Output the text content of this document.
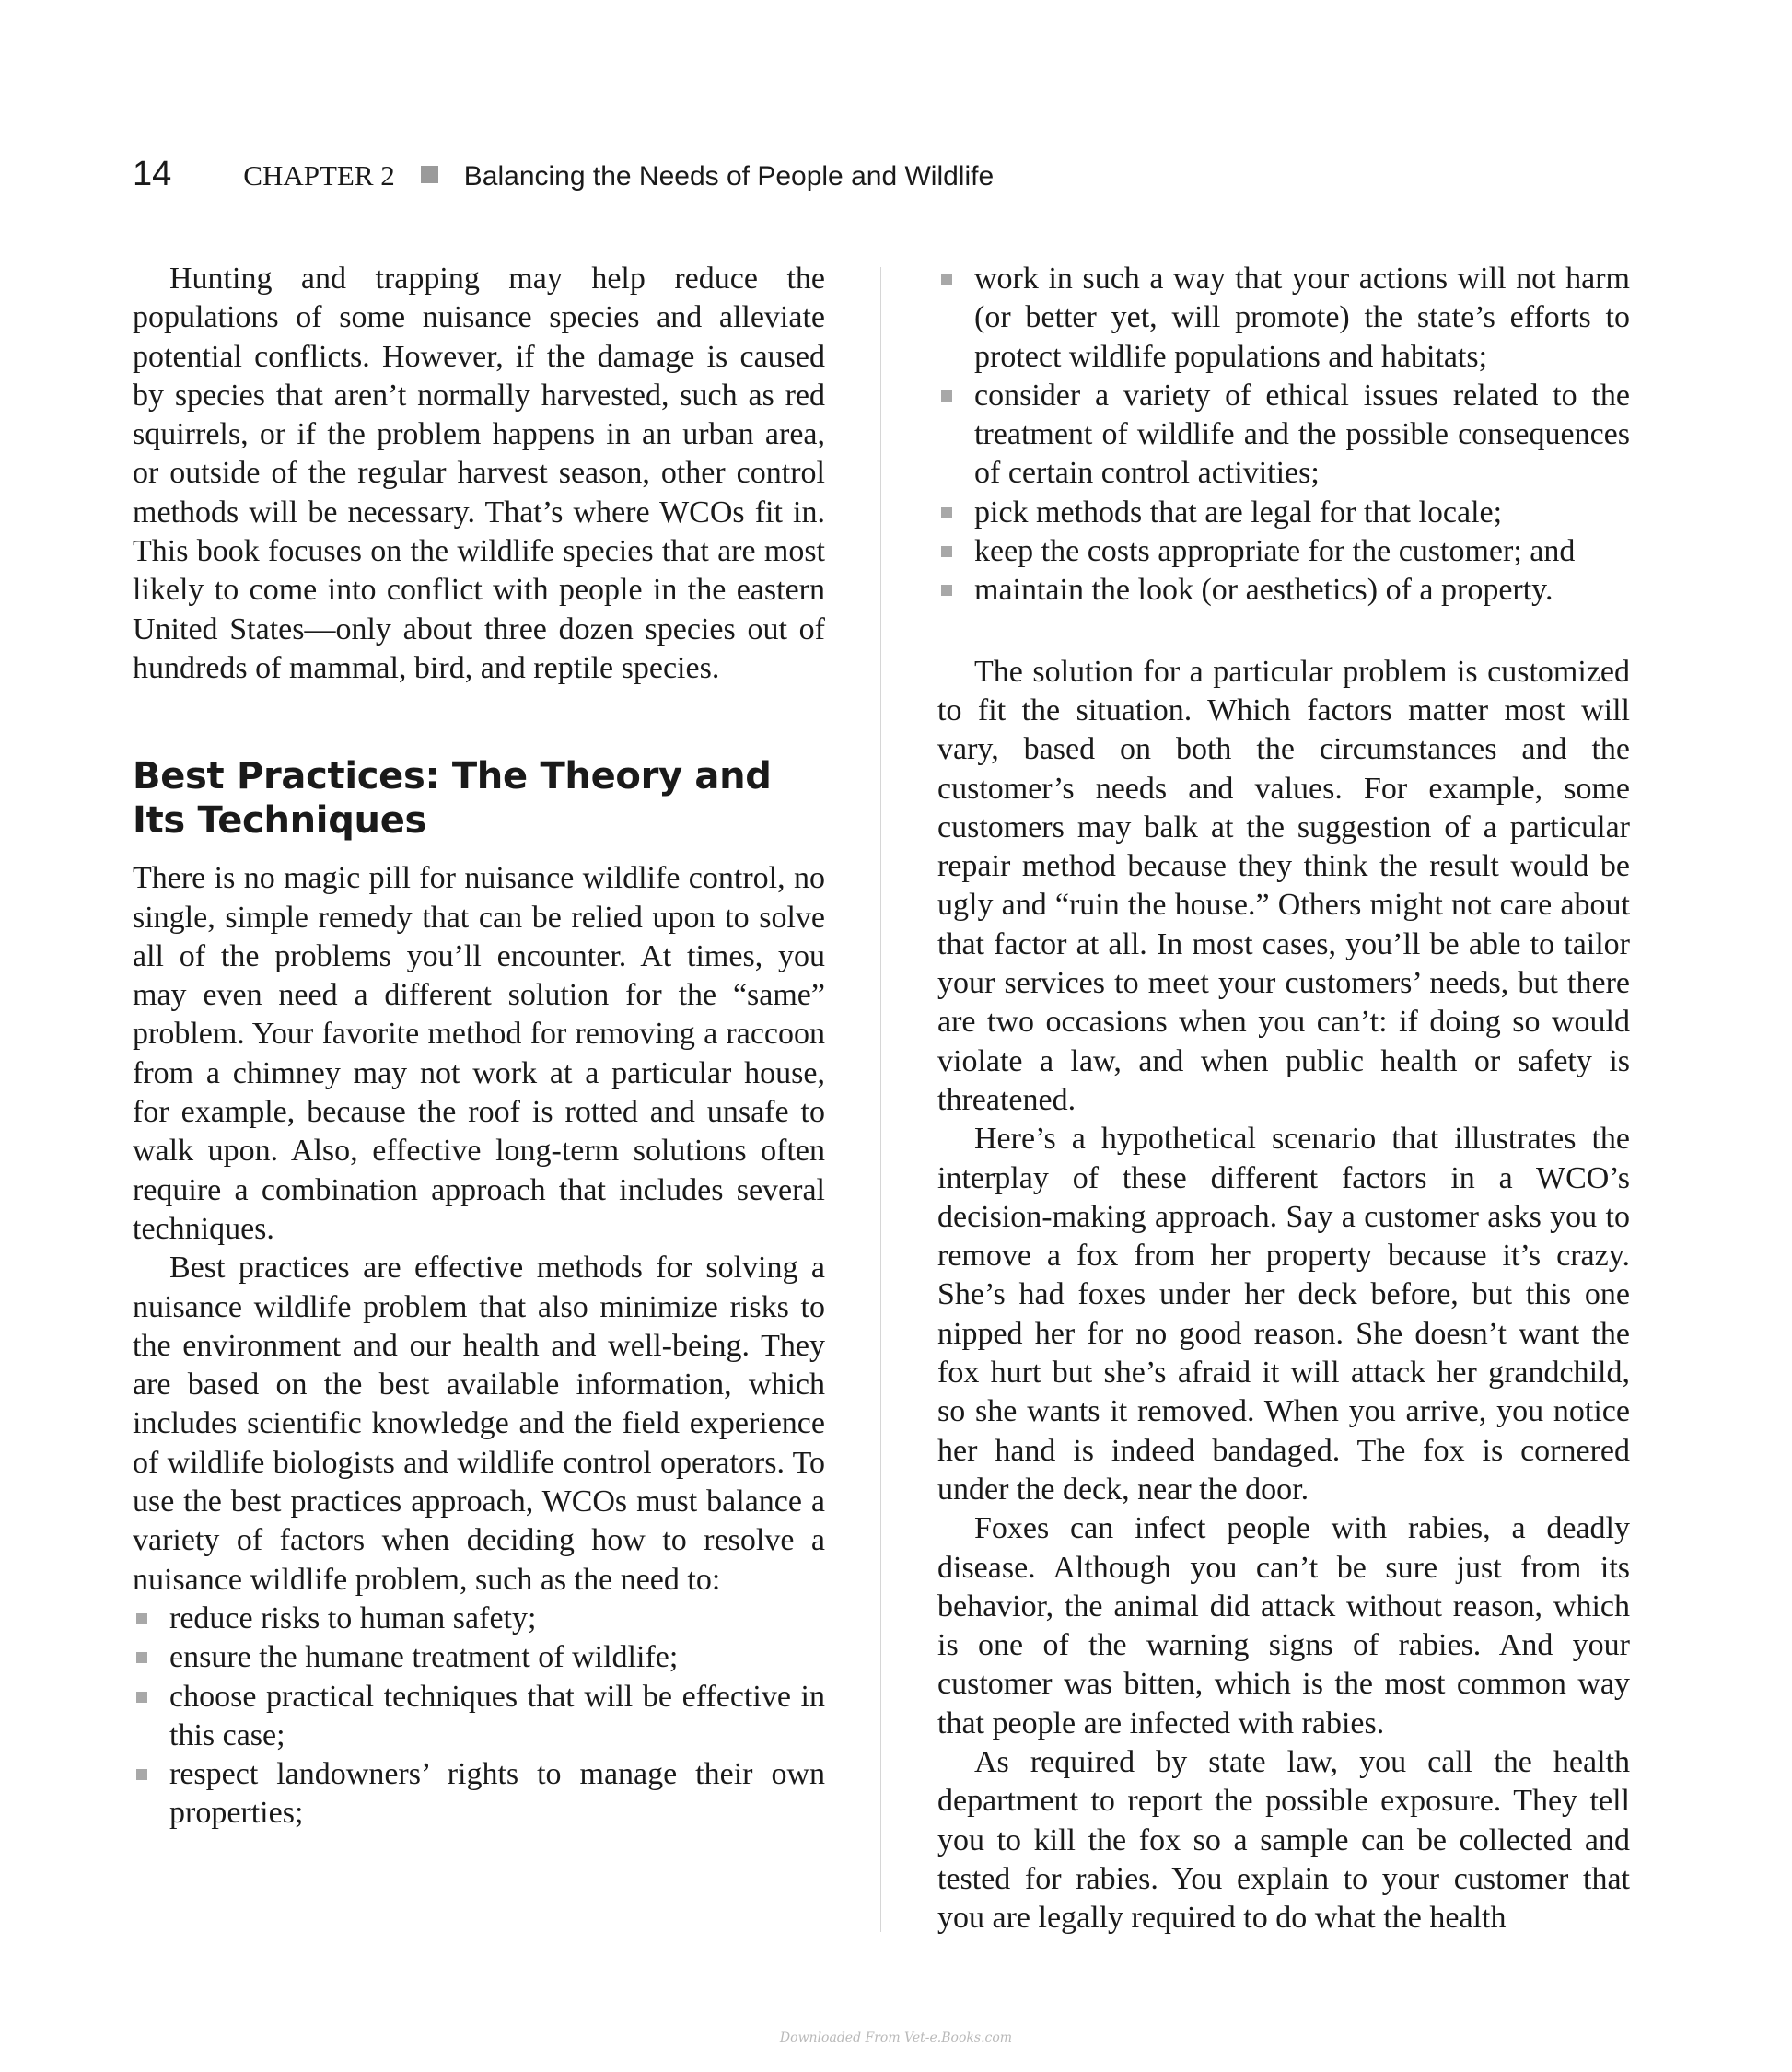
14	CHAPTER 2	Balancing the Needs of People and Wildlife

Hunting and trapping may help reduce the populations of some nuisance species and alleviate potential conflicts. However, if the damage is caused by species that aren’t normally harvested, such as red squirrels, or if the problem happens in an urban area, or outside of the regular harvest season, other control methods will be necessary. That’s where WCOs fit in. This book focuses on the wildlife species that are most likely to come into conflict with people in the eastern United States—only about three dozen species out of hundreds of mammal, bird, and reptile species.

Best Practices: The Theory and Its Techniques

There is no magic pill for nuisance wildlife control, no single, simple remedy that can be relied upon to solve all of the problems you’ll encounter. At times, you may even need a different solution for the “same” problem. Your favorite method for removing a raccoon from a chimney may not work at a particular house, for example, because the roof is rotted and unsafe to walk upon. Also, effective long-term solutions often require a combination approach that includes several techniques.

Best practices are effective methods for solving a nuisance wildlife problem that also minimize risks to the environment and our health and well-being. They are based on the best available information, which includes scientific knowledge and the field experience of wildlife biologists and wildlife control operators. To use the best practices approach, WCOs must balance a variety of factors when deciding how to resolve a nuisance wildlife problem, such as the need to:

reduce risks to human safety;
ensure the humane treatment of wildlife;
choose practical techniques that will be effective in this case;
respect landowners’ rights to manage their own properties;
work in such a way that your actions will not harm (or better yet, will promote) the state’s efforts to protect wildlife populations and habitats;
consider a variety of ethical issues related to the treatment of wildlife and the possible consequences of certain control activities;
pick methods that are legal for that locale;
keep the costs appropriate for the customer; and
maintain the look (or aesthetics) of a property.

The solution for a particular problem is customized to fit the situation. Which factors matter most will vary, based on both the circumstances and the customer’s needs and values. For example, some customers may balk at the suggestion of a particular repair method because they think the result would be ugly and “ruin the house.” Others might not care about that factor at all. In most cases, you’ll be able to tailor your services to meet your customers’ needs, but there are two occasions when you can’t: if doing so would violate a law, and when public health or safety is threatened.

Here’s a hypothetical scenario that illustrates the interplay of these different factors in a WCO’s decision-making approach. Say a customer asks you to remove a fox from her property because it’s crazy. She’s had foxes under her deck before, but this one nipped her for no good reason. She doesn’t want the fox hurt but she’s afraid it will attack her grandchild, so she wants it removed. When you arrive, you notice her hand is indeed bandaged. The fox is cornered under the deck, near the door.

Foxes can infect people with rabies, a deadly disease. Although you can’t be sure just from its behavior, the animal did attack without reason, which is one of the warning signs of rabies. And your customer was bitten, which is the most common way that people are infected with rabies.

As required by state law, you call the health department to report the possible exposure. They tell you to kill the fox so a sample can be collected and tested for rabies. You explain to your customer that you are legally required to do what the health

Downloaded From Vet-e.Books.com
